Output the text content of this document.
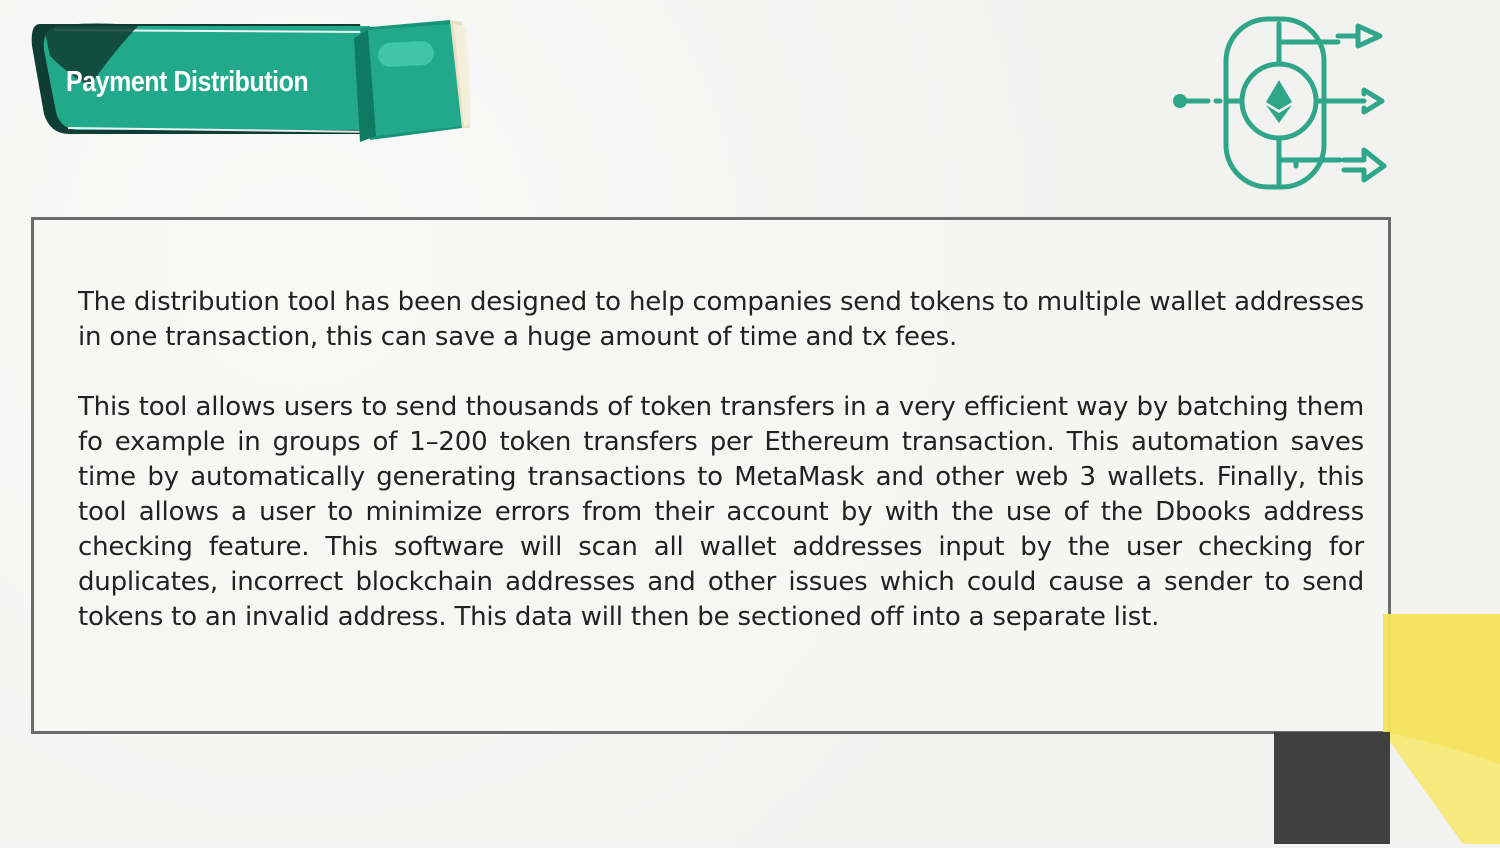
Payment Distribution

The distribution tool has been designed to help companies send tokens to multiple wallet addresses in one transaction, this can save a huge amount of time and tx fees.

This tool allows users to send thousands of token transfers in a very efficient way by batching them fo example in groups of 1–200 token transfers per Ethereum transaction. This automation saves time by automatically generating transactions to MetaMask and other web 3 wallets. Finally, this tool allows a user to minimize errors from their account by with the use of the Dbooks address checking feature. This software will scan all wallet addresses input by the user checking for duplicates, incorrect blockchain addresses and other issues which could cause a sender to send tokens to an invalid address. This data will then be sectioned off into a separate list.
